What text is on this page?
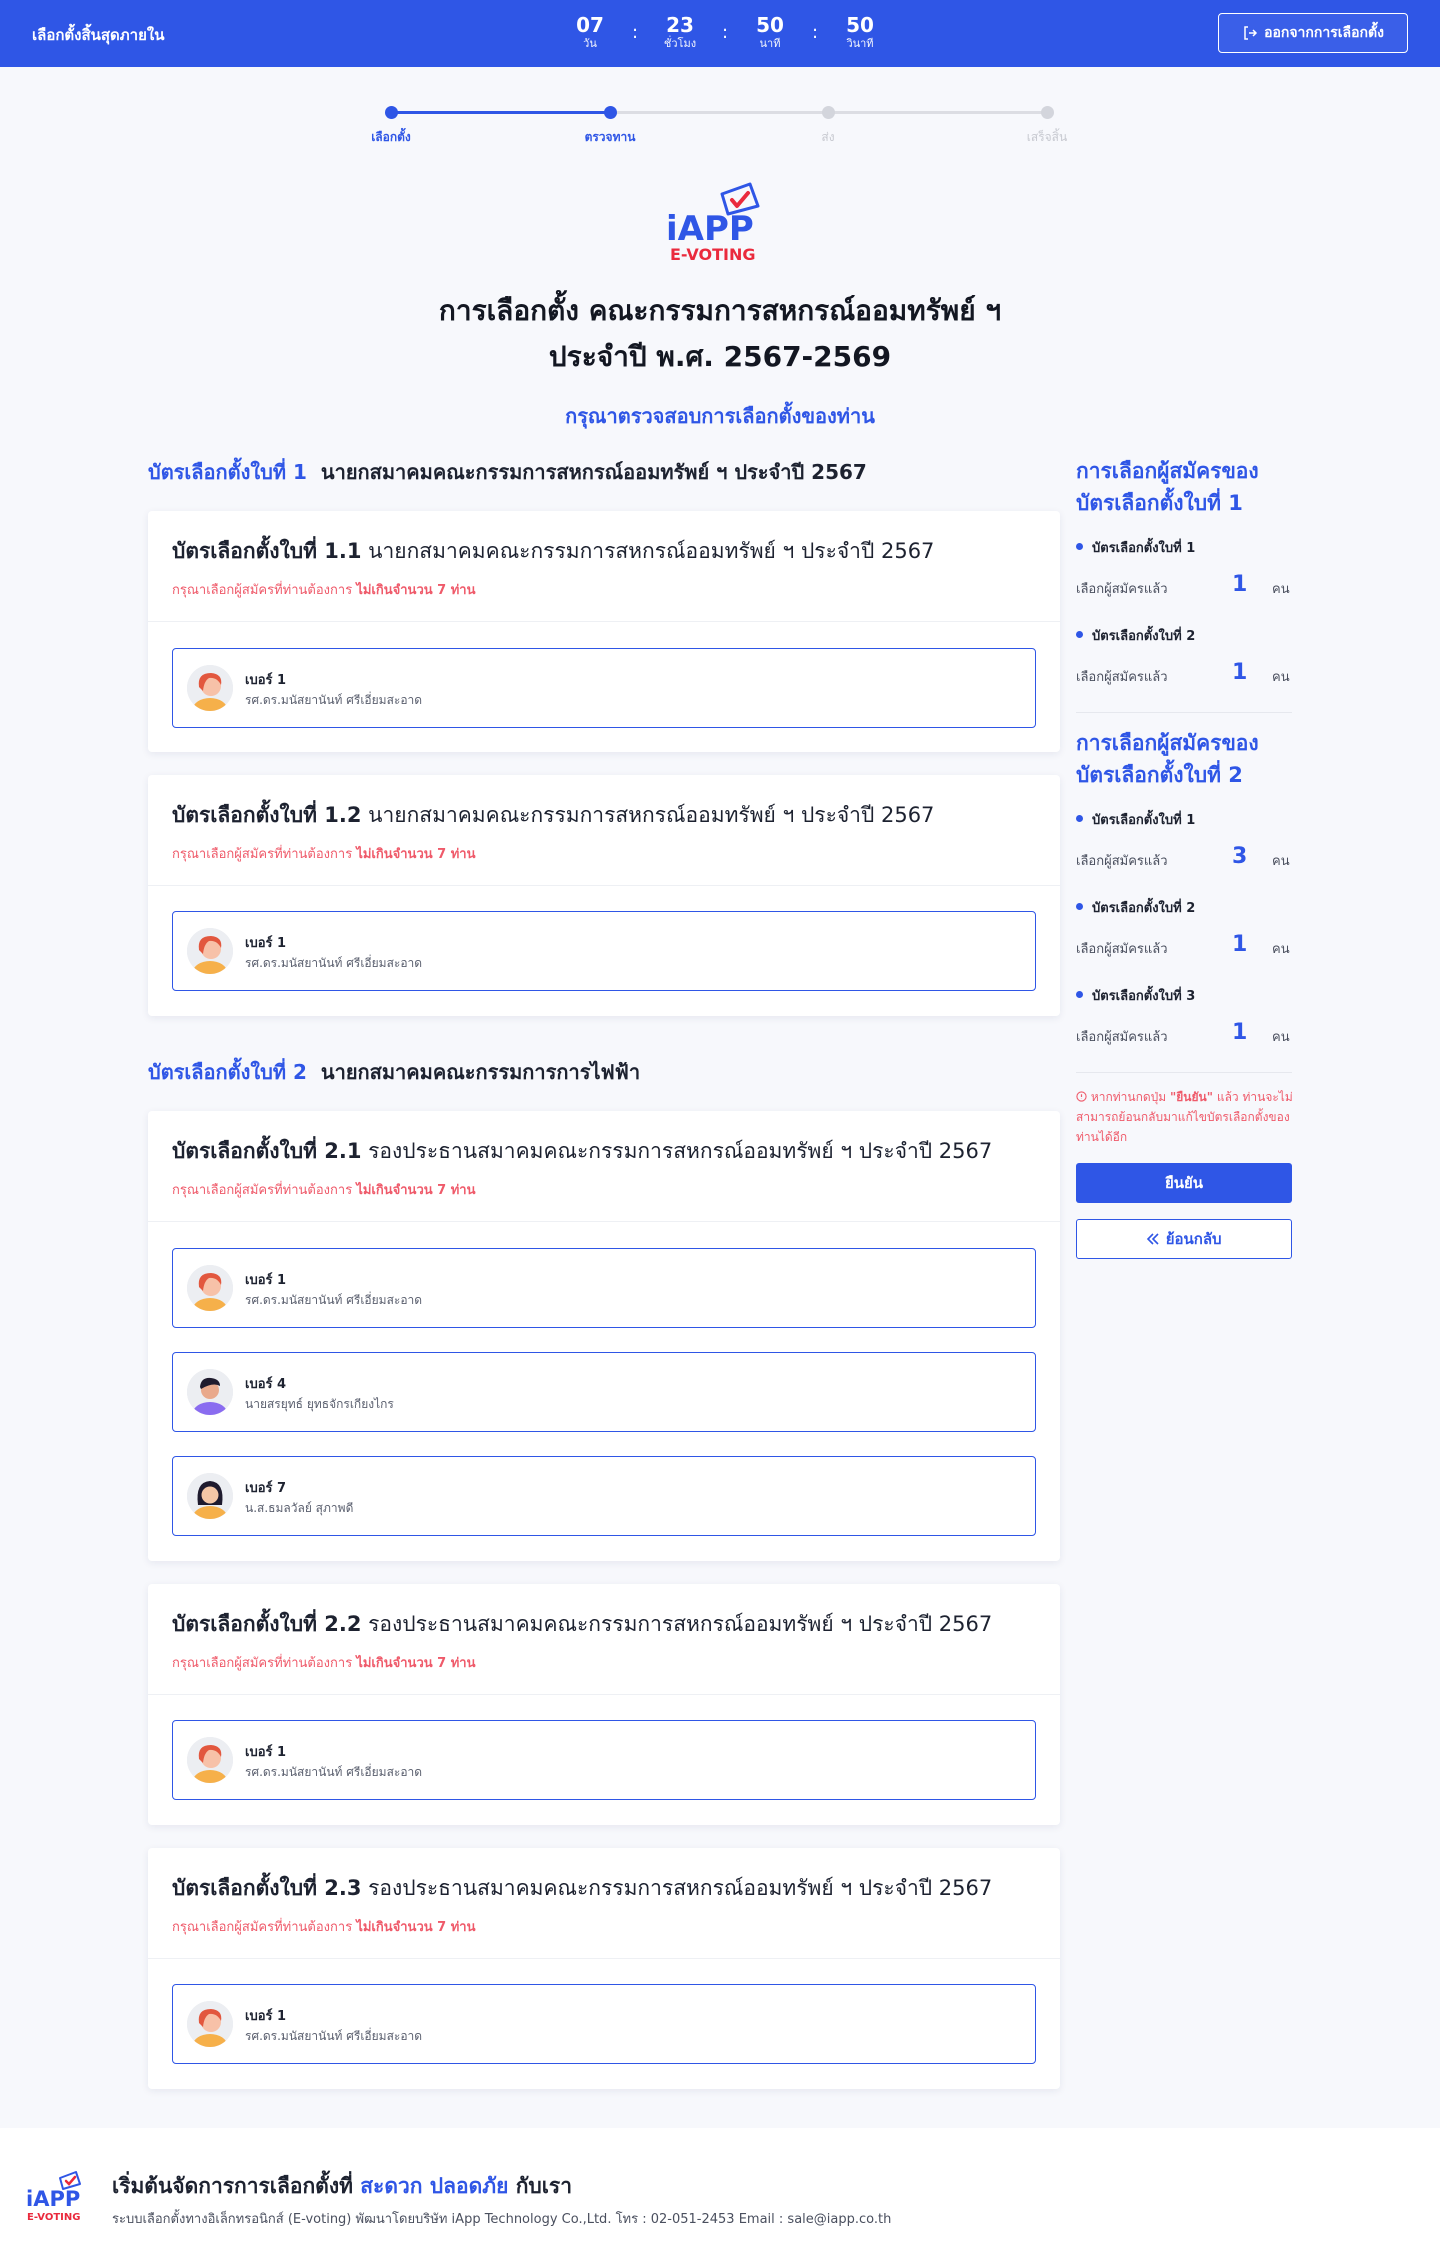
เลือกตั้งสิ้นสุดภายใน	07
วัน
:	23
ชั่วโมง
:	50
นาที
:	50
วินาที
ออกจากการเลือกตั้ง
เลือกตั้ง	ตรวจทาน	ส่ง	เสร็จสิ้น
iAPP
E-VOTING
การเลือกตั้ง คณะกรรมการสหกรณ์ออมทรัพย์ ฯ
ประจำปี พ.ศ. 2567-2569
กรุณาตรวจสอบการเลือกตั้งของท่าน
บัตรเลือกตั้งใบที่ 1 นายกสมาคมคณะกรรมการสหกรณ์ออมทรัพย์ ฯ ประจำปี 2567
บัตรเลือกตั้งใบที่ 1.1 นายกสมาคมคณะกรรมการสหกรณ์ออมทรัพย์ ฯ ประจำปี 2567
กรุณาเลือกผู้สมัครที่ท่านต้องการ ไม่เกินจำนวน 7 ท่าน
เบอร์ 1
รศ.ดร.มนัสยานันท์ ศรีเอี่ยมสะอาด
บัตรเลือกตั้งใบที่ 1.2 นายกสมาคมคณะกรรมการสหกรณ์ออมทรัพย์ ฯ ประจำปี 2567
กรุณาเลือกผู้สมัครที่ท่านต้องการ ไม่เกินจำนวน 7 ท่าน
เบอร์ 1
รศ.ดร.มนัสยานันท์ ศรีเอี่ยมสะอาด
บัตรเลือกตั้งใบที่ 2 นายกสมาคมคณะกรรมการการไฟฟ้า
บัตรเลือกตั้งใบที่ 2.1 รองประธานสมาคมคณะกรรมการสหกรณ์ออมทรัพย์ ฯ ประจำปี 2567
กรุณาเลือกผู้สมัครที่ท่านต้องการ ไม่เกินจำนวน 7 ท่าน
เบอร์ 1
รศ.ดร.มนัสยานันท์ ศรีเอี่ยมสะอาด
เบอร์ 4
นายสรยุทธ์ ยุทธจักรเกียงไกร
เบอร์ 7
น.ส.ธมลวัลย์ สุภาพดี
บัตรเลือกตั้งใบที่ 2.2 รองประธานสมาคมคณะกรรมการสหกรณ์ออมทรัพย์ ฯ ประจำปี 2567
กรุณาเลือกผู้สมัครที่ท่านต้องการ ไม่เกินจำนวน 7 ท่าน
เบอร์ 1
รศ.ดร.มนัสยานันท์ ศรีเอี่ยมสะอาด
บัตรเลือกตั้งใบที่ 2.3 รองประธานสมาคมคณะกรรมการสหกรณ์ออมทรัพย์ ฯ ประจำปี 2567
กรุณาเลือกผู้สมัครที่ท่านต้องการ ไม่เกินจำนวน 7 ท่าน
เบอร์ 1
รศ.ดร.มนัสยานันท์ ศรีเอี่ยมสะอาด
การเลือกผู้สมัครของ
บัตรเลือกตั้งใบที่ 1
บัตรเลือกตั้งใบที่ 1
เลือกผู้สมัครแล้ว	1 คน
บัตรเลือกตั้งใบที่ 2
เลือกผู้สมัครแล้ว	1 คน
การเลือกผู้สมัครของ
บัตรเลือกตั้งใบที่ 2
บัตรเลือกตั้งใบที่ 1
เลือกผู้สมัครแล้ว	3 คน
บัตรเลือกตั้งใบที่ 2
เลือกผู้สมัครแล้ว	1 คน
บัตรเลือกตั้งใบที่ 3
เลือกผู้สมัครแล้ว	1 คน
หากท่านกดปุ่ม "ยืนยัน" แล้ว ท่านจะไม่สามารถย้อนกลับมาแก้ไขบัตรเลือกตั้งของท่านได้อีก
ยืนยัน
ย้อนกลับ
iAPP
E-VOTING
เริ่มต้นจัดการการเลือกตั้งที่ สะดวก ปลอดภัย กับเรา
ระบบเลือกตั้งทางอิเล็กทรอนิกส์ (E-voting) พัฒนาโดยบริษัท iApp Technology Co.,Ltd. โทร : 02-051-2453 Email : sale@iapp.co.th
